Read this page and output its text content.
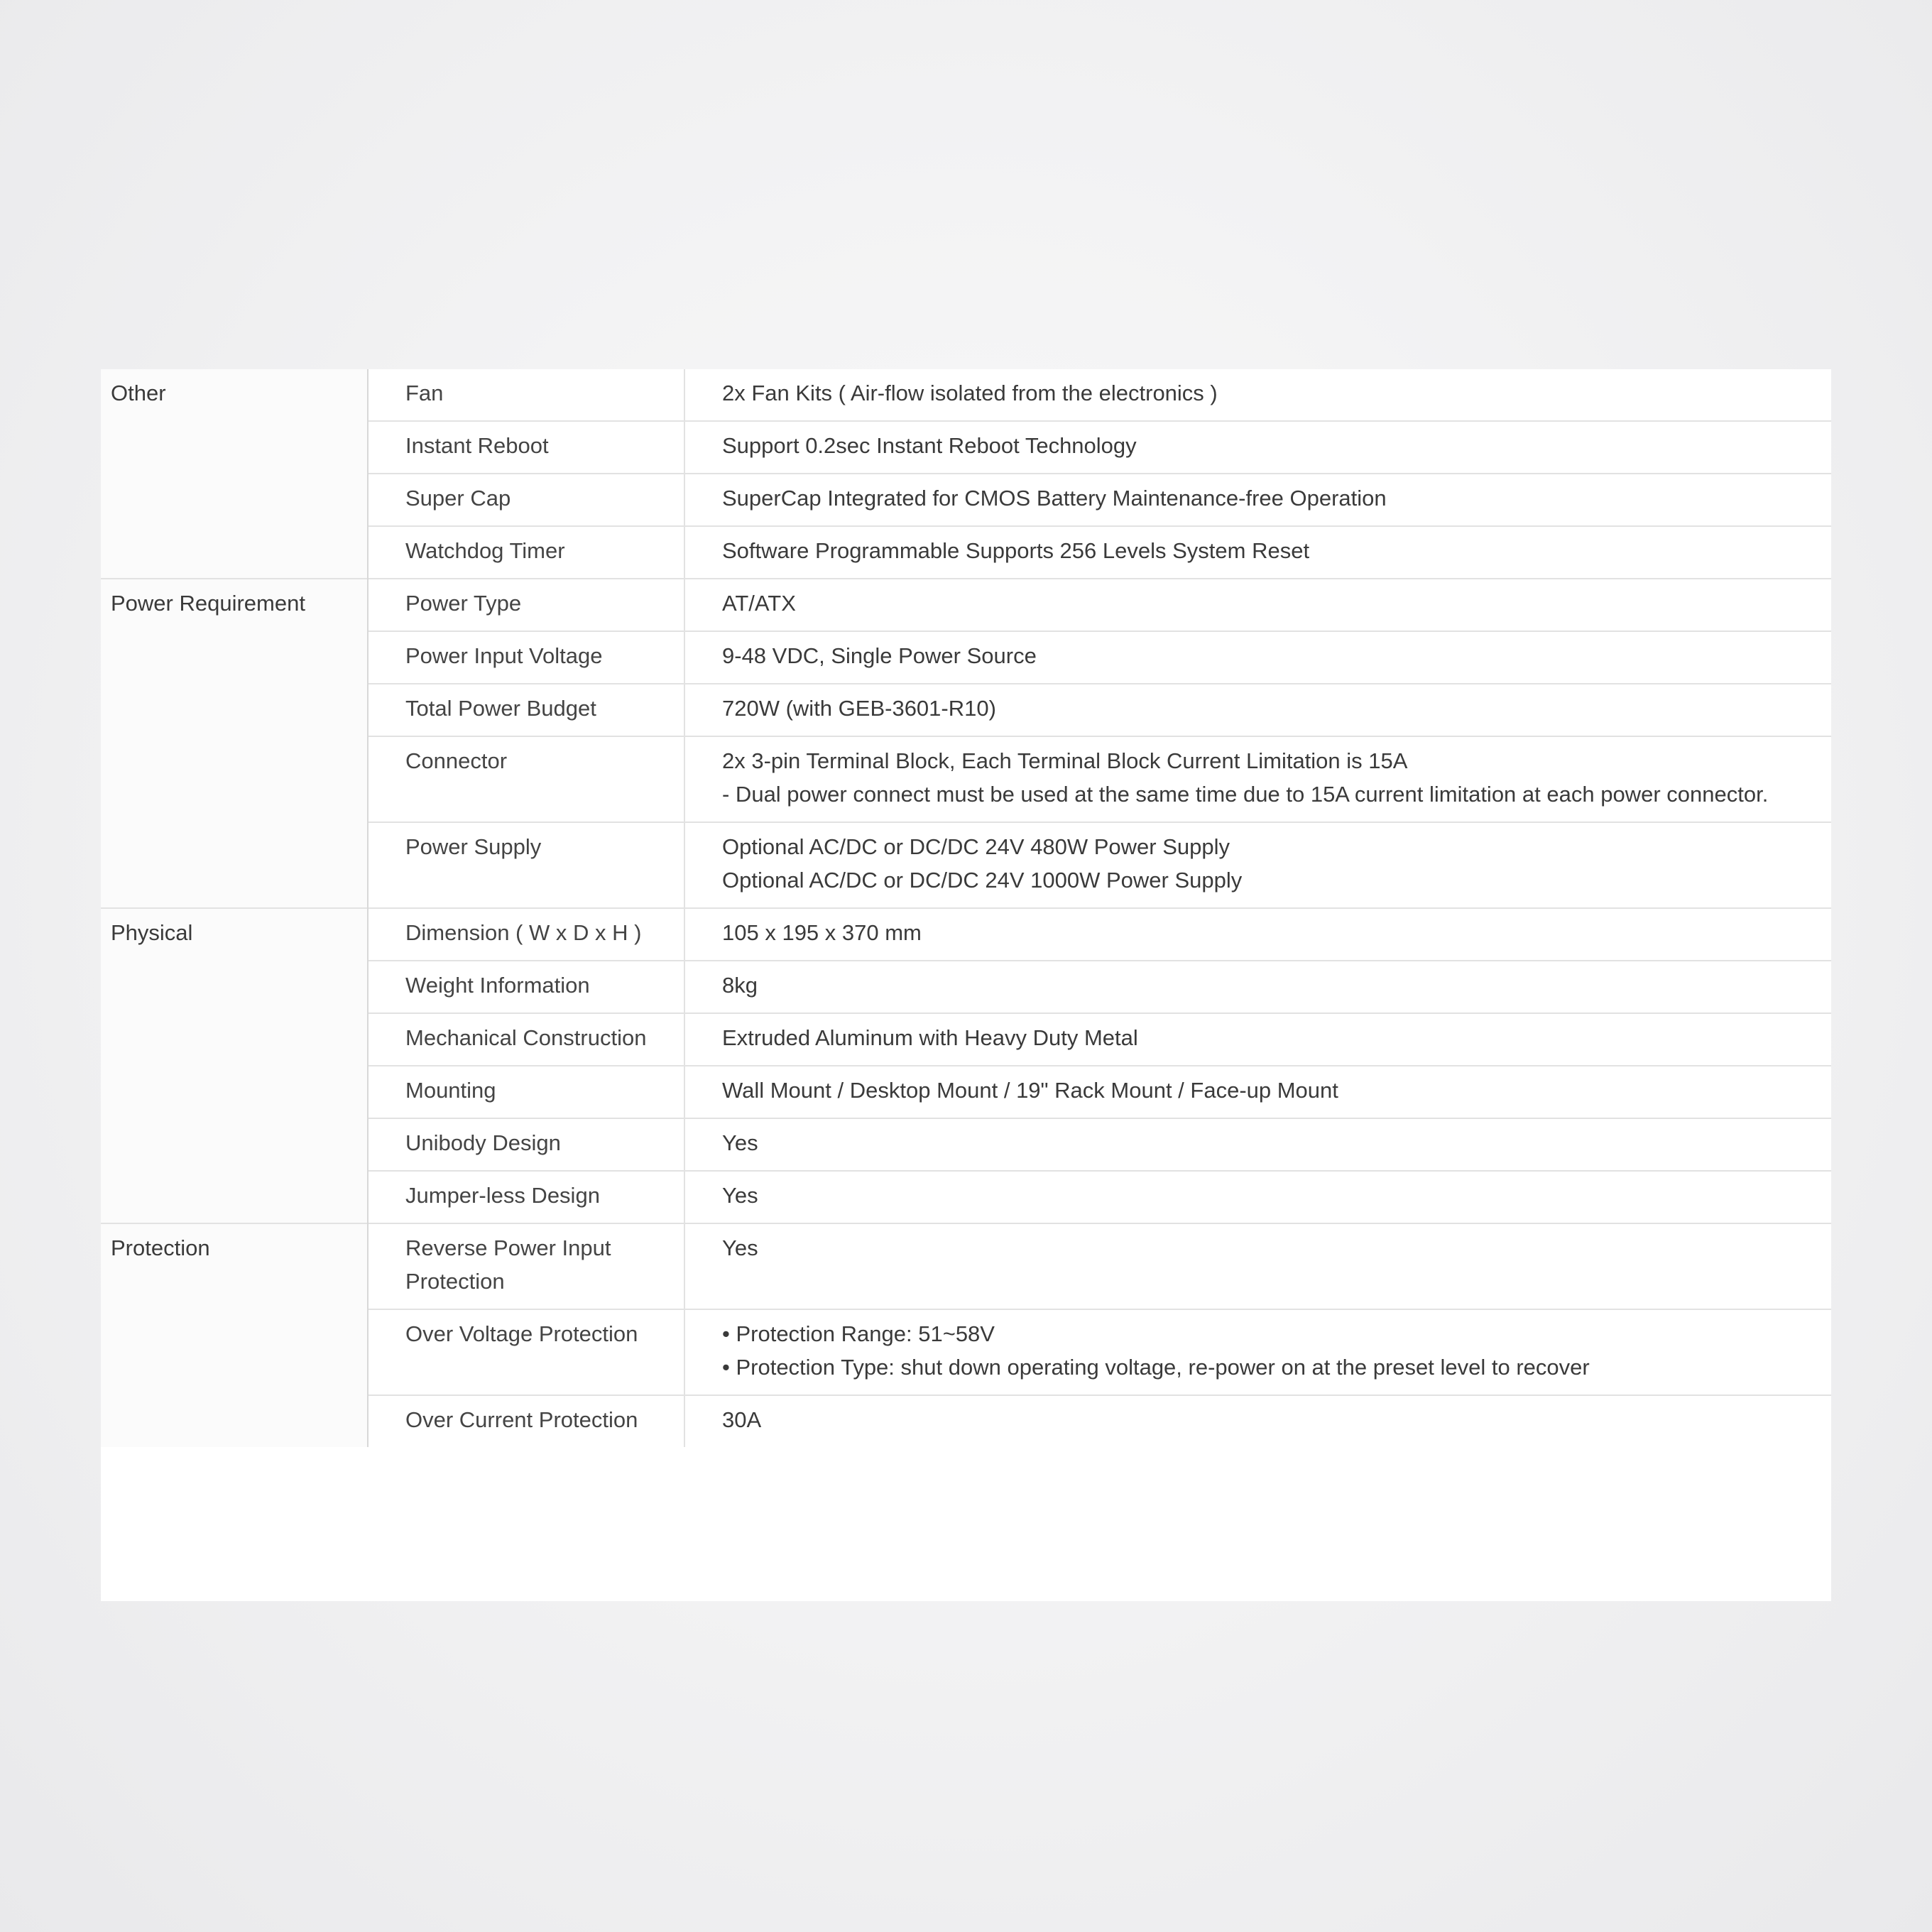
Other	Fan	2x Fan Kits ( Air-flow isolated from the electronics )

	Instant Reboot	Support 0.2sec Instant Reboot Technology

	Super Cap	SuperCap Integrated for CMOS Battery Maintenance-free Operation

	Watchdog Timer	Software Programmable Supports 256 Levels System Reset

Power Requirement	Power Type	AT/ATX

	Power Input Voltage	9-48 VDC, Single Power Source

	Total Power Budget	720W (with GEB-3601-R10)

	Connector	2x 3-pin Terminal Block, Each Terminal Block Current Limitation is 15A
- Dual power connect must be used at the same time due to 15A current limitation at each power connector.

	Power Supply	Optional AC/DC or DC/DC 24V 480W Power Supply
Optional AC/DC or DC/DC 24V 1000W Power Supply

Physical	Dimension ( W x D x H )	105 x 195 x 370 mm

	Weight Information	8kg

	Mechanical Construction	Extruded Aluminum with Heavy Duty Metal

	Mounting	Wall Mount / Desktop Mount / 19" Rack Mount / Face-up Mount

	Unibody Design	Yes

	Jumper-less Design	Yes

Protection	Reverse Power Input Protection	Yes

	Over Voltage Protection	• Protection Range: 51~58V
• Protection Type: shut down operating voltage, re-power on at the preset level to recover

	Over Current Protection	30A
